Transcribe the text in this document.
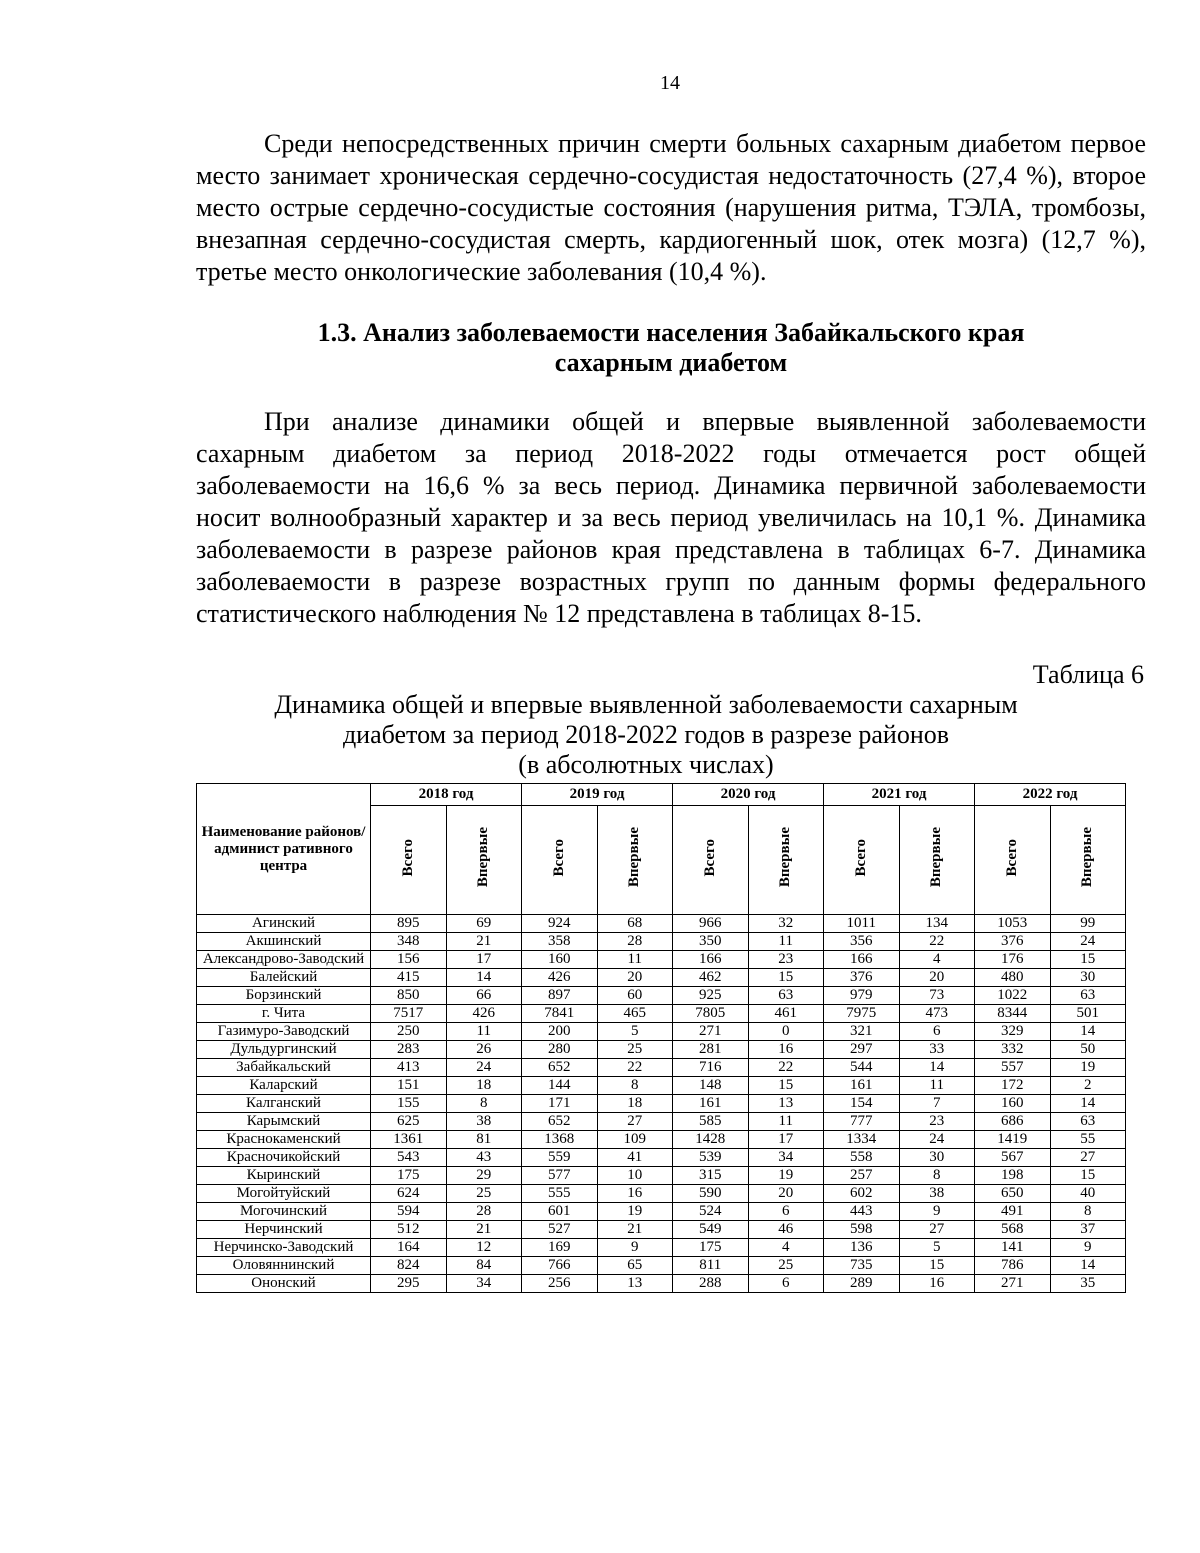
14
Среди непосредственных причин смерти больных сахарным диабетом первое место занимает хроническая сердечно-сосудистая недостаточность (27,4 %), второе место острые сердечно-сосудистые состояния (нарушения ритма, ТЭЛА, тромбозы, внезапная сердечно-сосудистая смерть, кардиогенный шок, отек мозга) (12,7 %), третье место онкологические заболевания (10,4 %).
1.3. Анализ заболеваемости населения Забайкальского края
сахарным диабетом
При анализе динамики общей и впервые выявленной заболеваемости сахарным диабетом за период 2018-2022 годы отмечается рост общей заболеваемости на 16,6 % за весь период. Динамика первичной заболеваемости носит волнообразный характер и за весь период увеличилась на 10,1 %. Динамика заболеваемости в разрезе районов края представлена в таблицах 6-7. Динамика заболеваемости в разрезе возрастных групп по данным формы федерального статистического наблюдения № 12 представлена в таблицах 8-15.
Таблица 6
Динамика общей и впервые выявленной заболеваемости сахарным
диабетом за период 2018-2022 годов в разрезе районов
(в абсолютных числах)
Наименование районов/админист ративного центра	2018 год		2019 год		2020 год		2021 год		2022 год	
	Всего	Впервые	Всего	Впервые	Всего	Впервые	Всего	Впервые	Всего	Впервые
Агинский	895	69	924	68	966	32	1011	134	1053	99
Акшинский	348	21	358	28	350	11	356	22	376	24
Александрово-Заводский	156	17	160	11	166	23	166	4	176	15
Балейский	415	14	426	20	462	15	376	20	480	30
Борзинский	850	66	897	60	925	63	979	73	1022	63
г. Чита	7517	426	7841	465	7805	461	7975	473	8344	501
Газимуро-Заводский	250	11	200	5	271	0	321	6	329	14
Дульдургинский	283	26	280	25	281	16	297	33	332	50
Забайкальский	413	24	652	22	716	22	544	14	557	19
Каларский	151	18	144	8	148	15	161	11	172	2
Калганский	155	8	171	18	161	13	154	7	160	14
Карымский	625	38	652	27	585	11	777	23	686	63
Краснокаменский	1361	81	1368	109	1428	17	1334	24	1419	55
Красночикойский	543	43	559	41	539	34	558	30	567	27
Кыринский	175	29	577	10	315	19	257	8	198	15
Могойтуйский	624	25	555	16	590	20	602	38	650	40
Могочинский	594	28	601	19	524	6	443	9	491	8
Нерчинский	512	21	527	21	549	46	598	27	568	37
Нерчинско-Заводский	164	12	169	9	175	4	136	5	141	9
Оловяннинский	824	84	766	65	811	25	735	15	786	14
Ононский	295	34	256	13	288	6	289	16	271	35
